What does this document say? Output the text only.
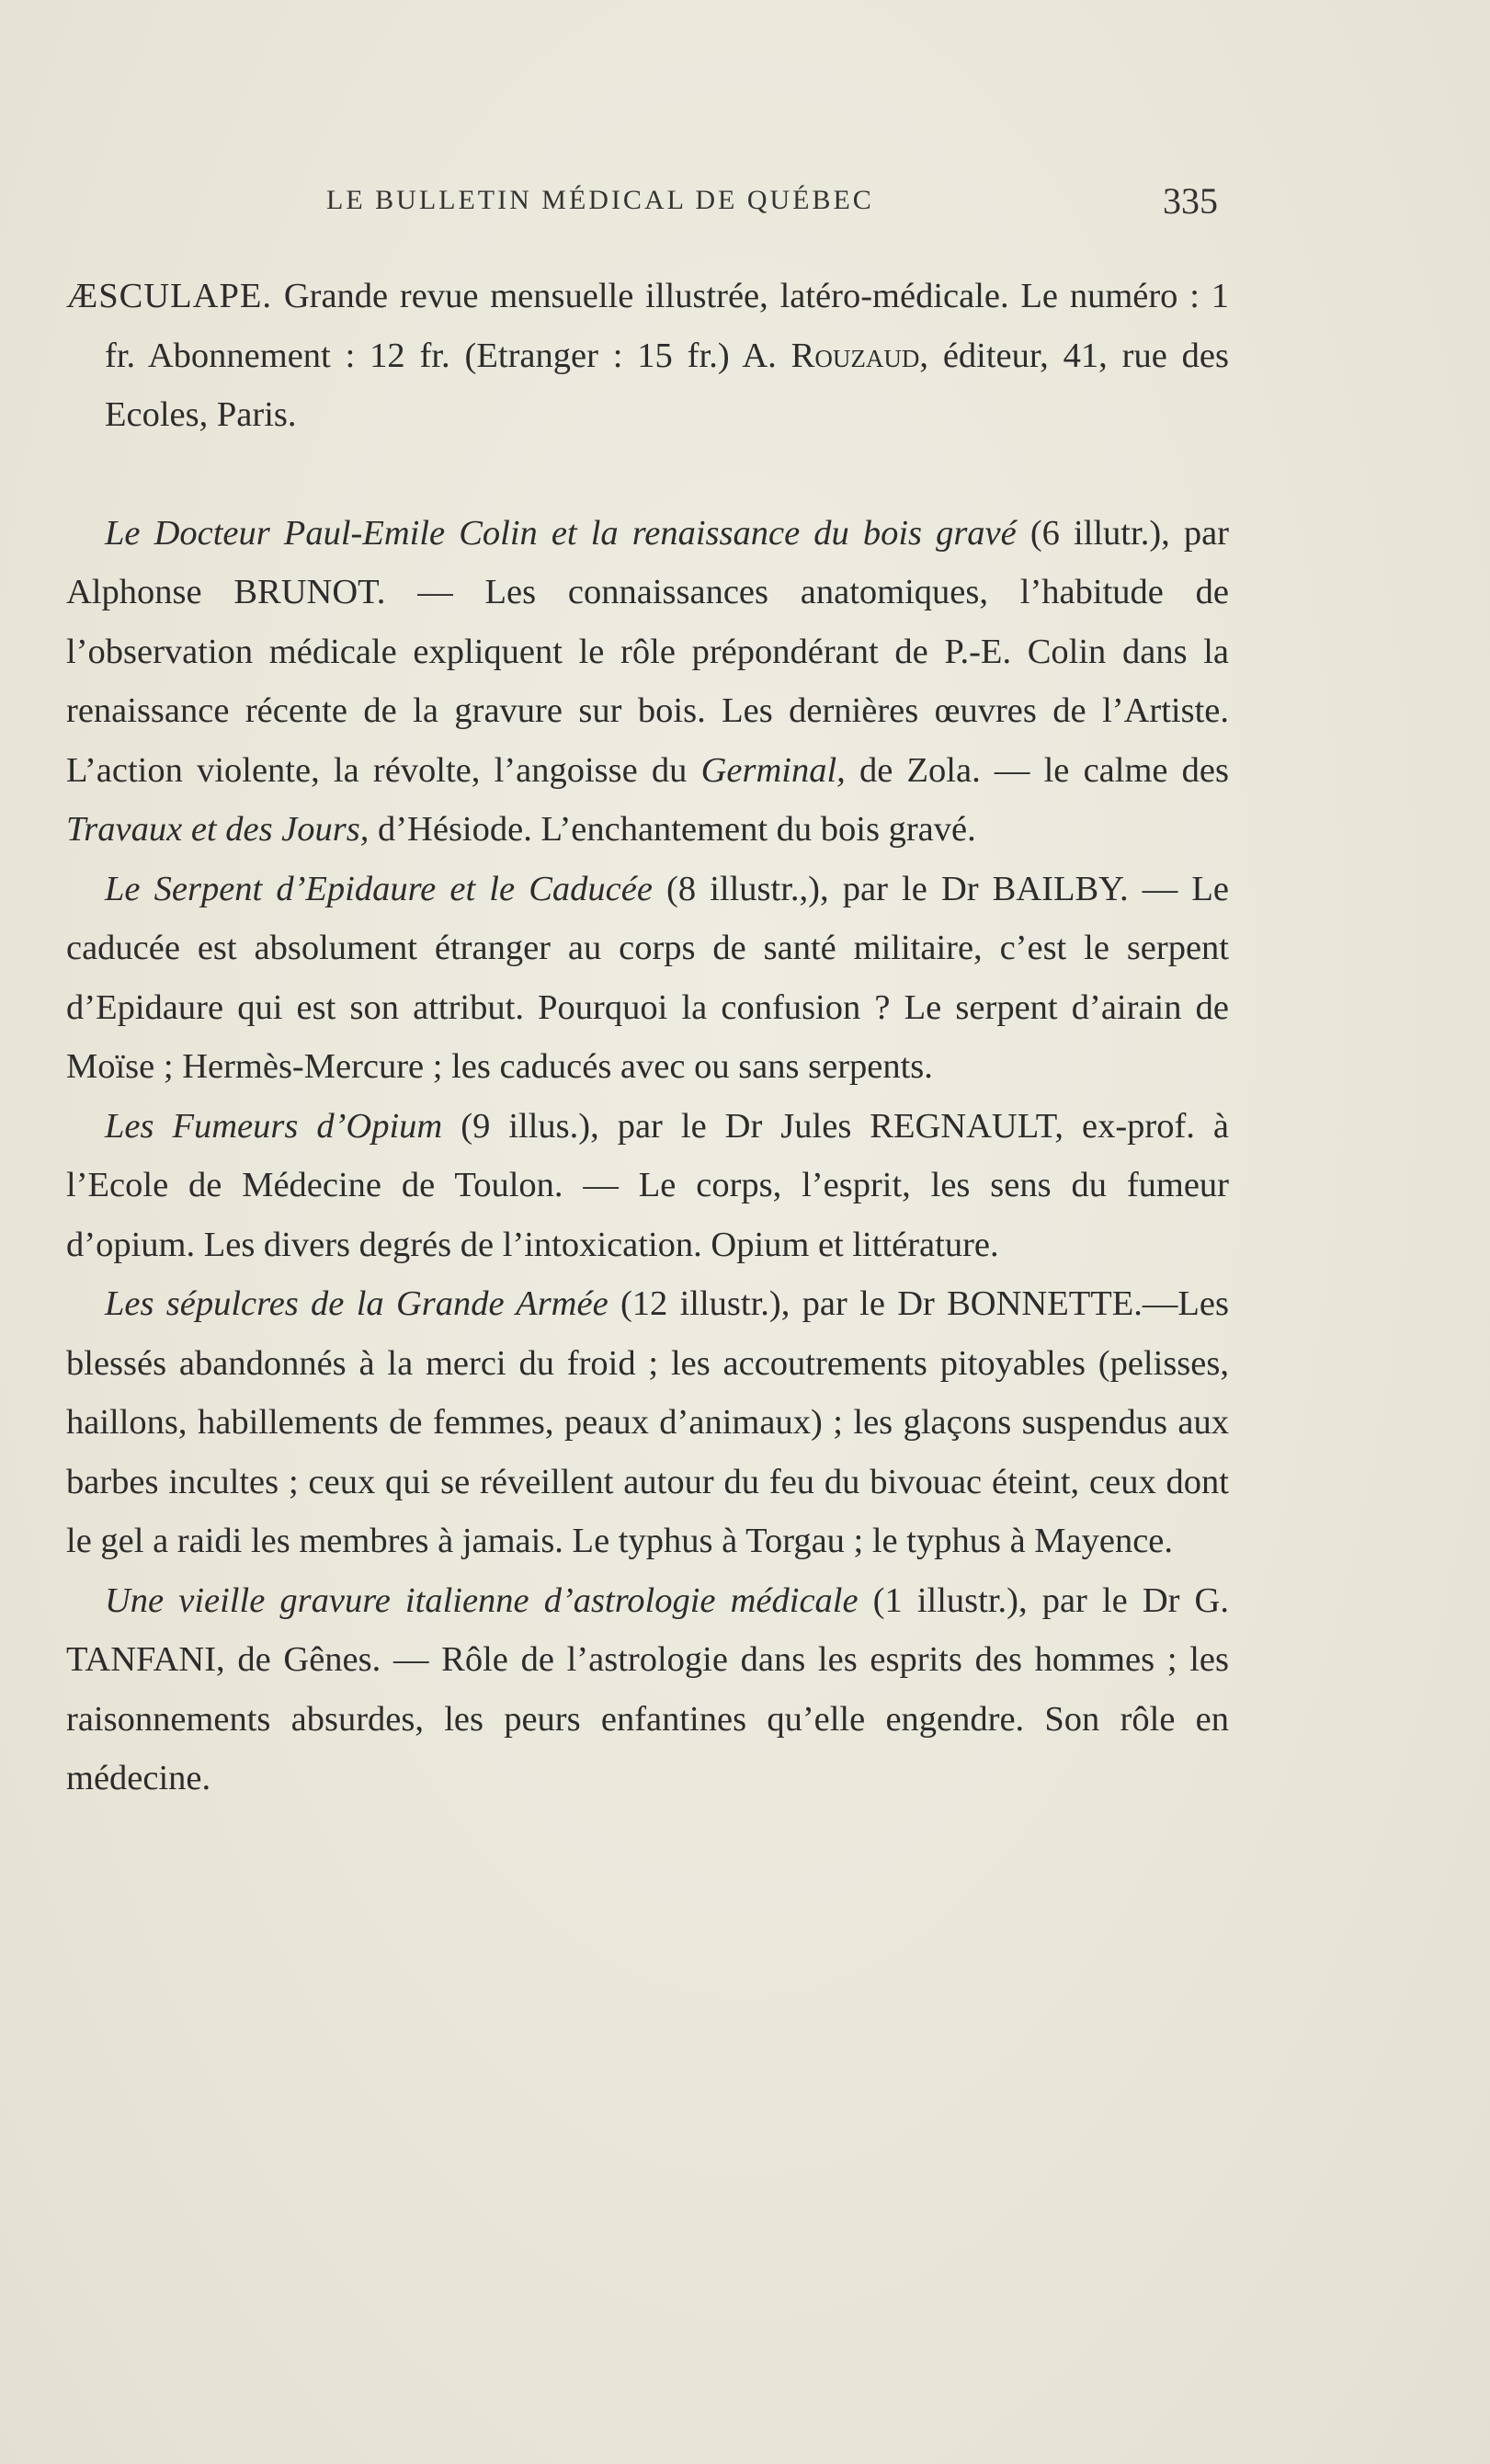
LE BULLETIN MÉDICAL DE QUÉBEC	335

ÆSCULAPE. Grande revue mensuelle illustrée, latéro-médicale. Le numéro : 1 fr. Abonnement : 12 fr. (Etranger : 15 fr.) A. Rouzaud, éditeur, 41, rue des Ecoles, Paris.

Le Docteur Paul-Emile Colin et la renaissance du bois gravé (6 illutr.), par Alphonse BRUNOT. — Les connaissances anatomiques, l’habitude de l’observation médicale expliquent le rôle prépondérant de P.-E. Colin dans la renaissance récente de la gravure sur bois. Les dernières œuvres de l’Artiste. L’action violente, la révolte, l’angoisse du Germinal, de Zola. — le calme des Travaux et des Jours, d’Hésiode. L’enchantement du bois gravé.

Le Serpent d’Epidaure et le Caducée (8 illustr.,), par le Dr BAILBY. — Le caducée est absolument étranger au corps de santé militaire, c’est le serpent d’Epidaure qui est son attribut. Pourquoi la confusion ? Le serpent d’airain de Moïse ; Hermès-Mercure ; les caducés avec ou sans serpents.

Les Fumeurs d’Opium (9 illus.), par le Dr Jules REGNAULT, ex-prof. à l’Ecole de Médecine de Toulon. — Le corps, l’esprit, les sens du fumeur d’opium. Les divers degrés de l’intoxication. Opium et littérature.

Les sépulcres de la Grande Armée (12 illustr.), par le Dr BONNETTE.—Les blessés abandonnés à la merci du froid ; les accoutrements pitoyables (pelisses, haillons, habillements de femmes, peaux d’animaux) ; les glaçons suspendus aux barbes incultes ; ceux qui se réveillent autour du feu du bivouac éteint, ceux dont le gel a raidi les membres à jamais. Le typhus à Torgau ; le typhus à Mayence.

Une vieille gravure italienne d’astrologie médicale (1 illustr.), par le Dr G. TANFANI, de Gênes. — Rôle de l’astrologie dans les esprits des hommes ; les raisonnements absurdes, les peurs enfantines qu’elle engendre. Son rôle en médecine.
